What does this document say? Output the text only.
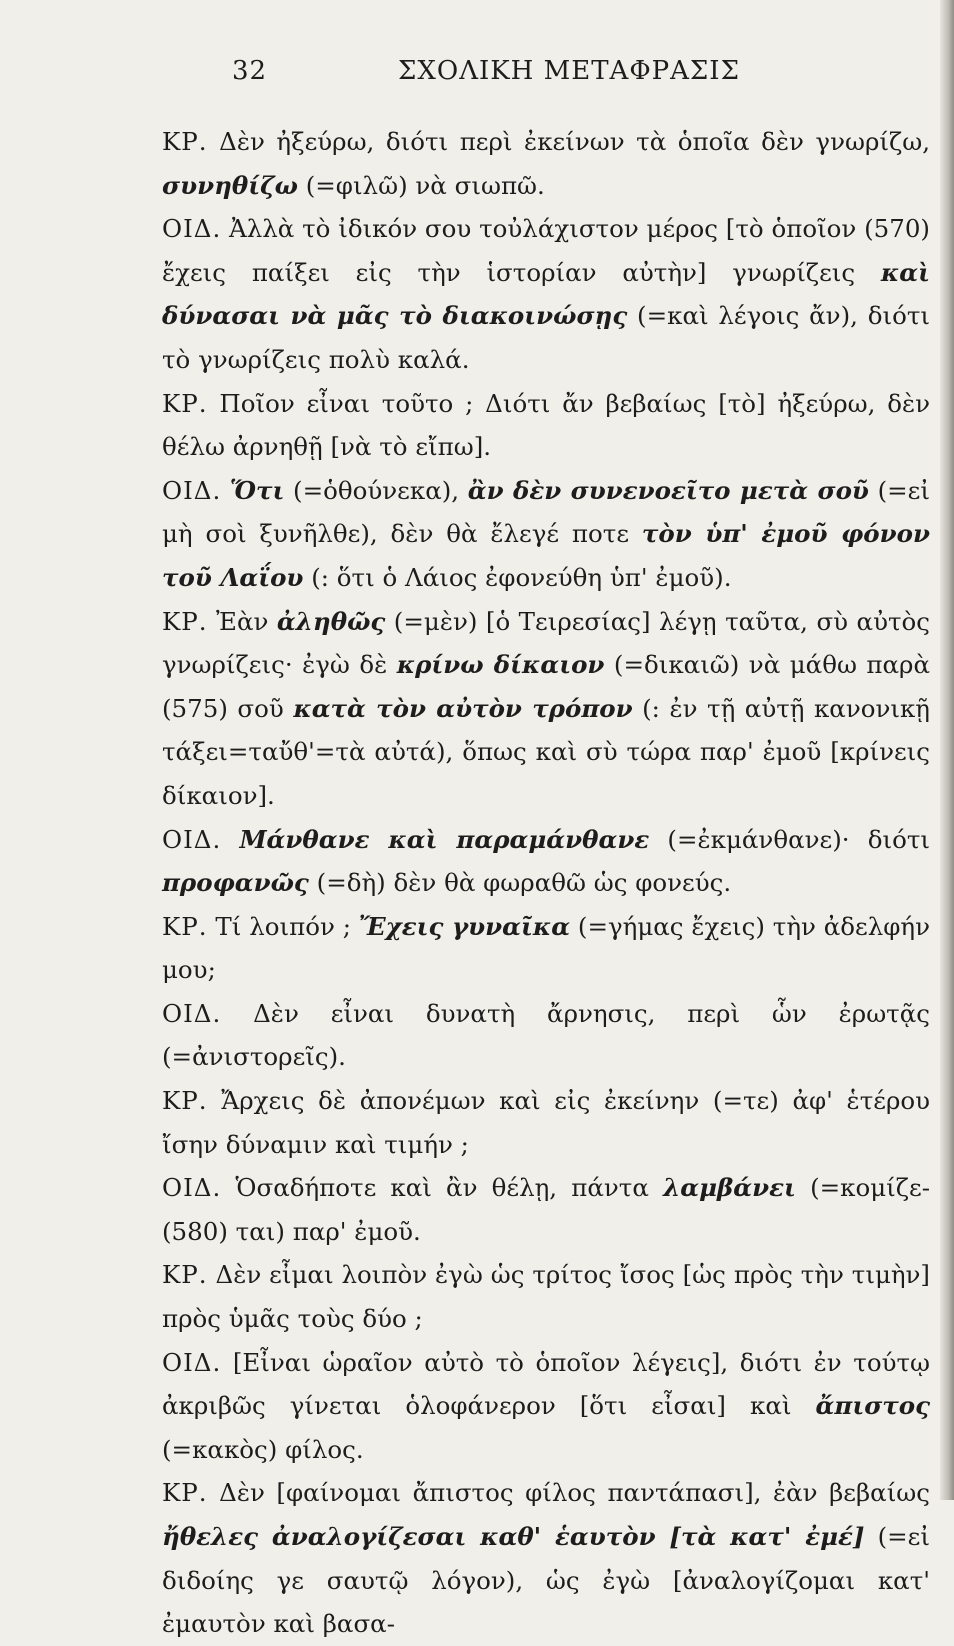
32	ΣΧΟΛΙΚΗ ΜΕΤΑΦΡΑΣΙΣ

ΚΡ. Δὲν ἠξεύρω, διότι περὶ ἐκείνων τὰ ὁποῖα δὲν γνωρίζω, συνηθίζω (=φιλῶ) νὰ σιωπῶ.

ΟΙΔ. Ἀλλὰ τὸ ἰδικόν σου τοὐλάχιστον μέρος [τὸ ὁποῖον (570) ἔχεις παίξει εἰς τὴν ἱστορίαν αὐτὴν] γνωρίζεις καὶ δύνασαι νὰ μᾶς τὸ διακοινώσῃς (=καὶ λέγοις ἄν), διότι τὸ γνωρίζεις πολὺ καλά.

ΚΡ. Ποῖον εἶναι τοῦτο ; Διότι ἄν βεβαίως [τὸ] ἠξεύρω, δὲν θέλω ἀρνηθῇ [νὰ τὸ εἴπω].

ΟΙΔ. Ὅτι (=ὁθούνεκα), ἂν δὲν συνενοεῖτο μετὰ σοῦ (=εἰ μὴ σοὶ ξυνῆλθε), δὲν θὰ ἔλεγέ ποτε τὸν ὑπ' ἐμοῦ φόνον τοῦ Λαΐου (: ὅτι ὁ Λάιος ἐφονεύθη ὑπ' ἐμοῦ).

ΚΡ. Ἐὰν ἀληθῶς (=μὲν) [ὁ Τειρεσίας] λέγῃ ταῦτα, σὺ αὐτὸς γνωρίζεις· ἐγὼ δὲ κρίνω δίκαιον (=δικαιῶ) νὰ μάθω παρὰ (575) σοῦ κατὰ τὸν αὐτὸν τρόπον (: ἐν τῇ αὐτῇ κανονικῇ τάξει=ταὔθ'=τὰ αὐτά), ὅπως καὶ σὺ τώρα παρ' ἐμοῦ [κρίνεις δίκαιον].

ΟΙΔ. Μάνθανε καὶ παραμάνθανε (=ἐκμάνθανε)· διότι προφανῶς (=δὴ) δὲν θὰ φωραθῶ ὡς φονεύς.

ΚΡ. Τί λοιπόν ; Ἔχεις γυναῖκα (=γήμας ἔχεις) τὴν ἀδελφήν μου;

ΟΙΔ. Δὲν εἶναι δυνατὴ ἄρνησις, περὶ ὧν ἐρωτᾷς (=ἀνιστορεῖς).

ΚΡ. Ἄρχεις δὲ ἀπονέμων καὶ εἰς ἐκείνην (=τε) ἀφ' ἑτέρου ἴσην δύναμιν καὶ τιμήν ;

ΟΙΔ. Ὁσαδήποτε καὶ ἂν θέλῃ, πάντα λαμβάνει (=κομίζε- (580) ται) παρ' ἐμοῦ.

ΚΡ. Δὲν εἶμαι λοιπὸν ἐγὼ ὡς τρίτος ἴσος [ὡς πρὸς τὴν τιμὴν] πρὸς ὑμᾶς τοὺς δύο ;

ΟΙΔ. [Εἶναι ὡραῖον αὐτὸ τὸ ὁποῖον λέγεις], διότι ἐν τούτῳ ἀκριβῶς γίνεται ὁλοφάνερον [ὅτι εἶσαι] καὶ ἄπιστος (=κακὸς) φίλος.

ΚΡ. Δὲν [φαίνομαι ἄπιστος φίλος παντάπασι], ἐὰν βεβαίως ἤθελες ἀναλογίζεσαι καθ' ἑαυτὸν [τὰ κατ' ἐμέ] (=εἰ διδοίης γε σαυτῷ λόγον), ὡς ἐγὼ [ἀναλογίζομαι κατ' ἐμαυτὸν καὶ βασα-
